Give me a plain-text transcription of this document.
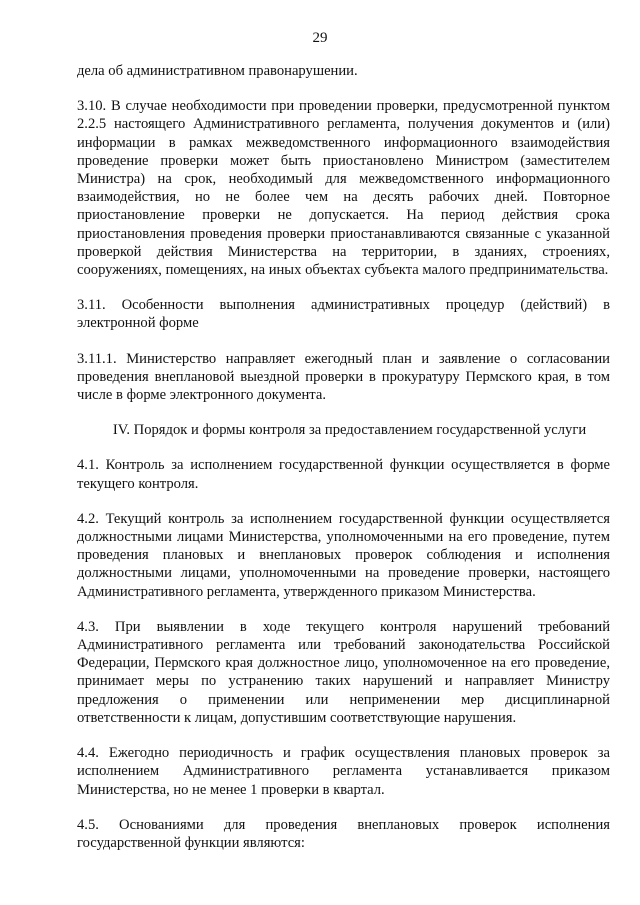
29

дела об административном правонарушении.

3.10. В случае необходимости при проведении проверки, предусмотренной пунктом 2.2.5 настоящего Административного регламента, получения документов и (или) информации в рамках межведомственного информационного взаимодействия проведение проверки может быть приостановлено Министром (заместителем Министра) на срок, необходимый для межведомственного информационного взаимодействия, но не более чем на десять рабочих дней. Повторное приостановление проверки не допускается. На период действия срока приостановления проведения проверки приостанавливаются связанные с указанной проверкой действия Министерства на территории, в зданиях, строениях, сооружениях, помещениях, на иных объектах субъекта малого предпринимательства.

3.11. Особенности выполнения административных процедур (действий) в электронной форме

3.11.1. Министерство направляет ежегодный план и заявление о согласовании проведения внеплановой выездной проверки в прокуратуру Пермского края, в том числе в форме электронного документа.

IV. Порядок и формы контроля за предоставлением государственной услуги

4.1. Контроль за исполнением государственной функции осуществляется в форме текущего контроля.

4.2. Текущий контроль за исполнением государственной функции осуществляется должностными лицами Министерства, уполномоченными на его проведение, путем проведения плановых и внеплановых проверок соблюдения и исполнения должностными лицами, уполномоченными на проведение проверки, настоящего Административного регламента, утвержденного приказом Министерства.

4.3. При выявлении в ходе текущего контроля нарушений требований Административного регламента или требований законодательства Российской Федерации, Пермского края должностное лицо, уполномоченное на его проведение, принимает меры по устранению таких нарушений и направляет Министру предложения о применении или неприменении мер дисциплинарной ответственности к лицам, допустившим соответствующие нарушения.

4.4. Ежегодно периодичность и график осуществления плановых проверок за исполнением Административного регламента устанавливается приказом Министерства, но не менее 1 проверки в квартал.

4.5. Основаниями для проведения внеплановых проверок исполнения государственной функции являются:
